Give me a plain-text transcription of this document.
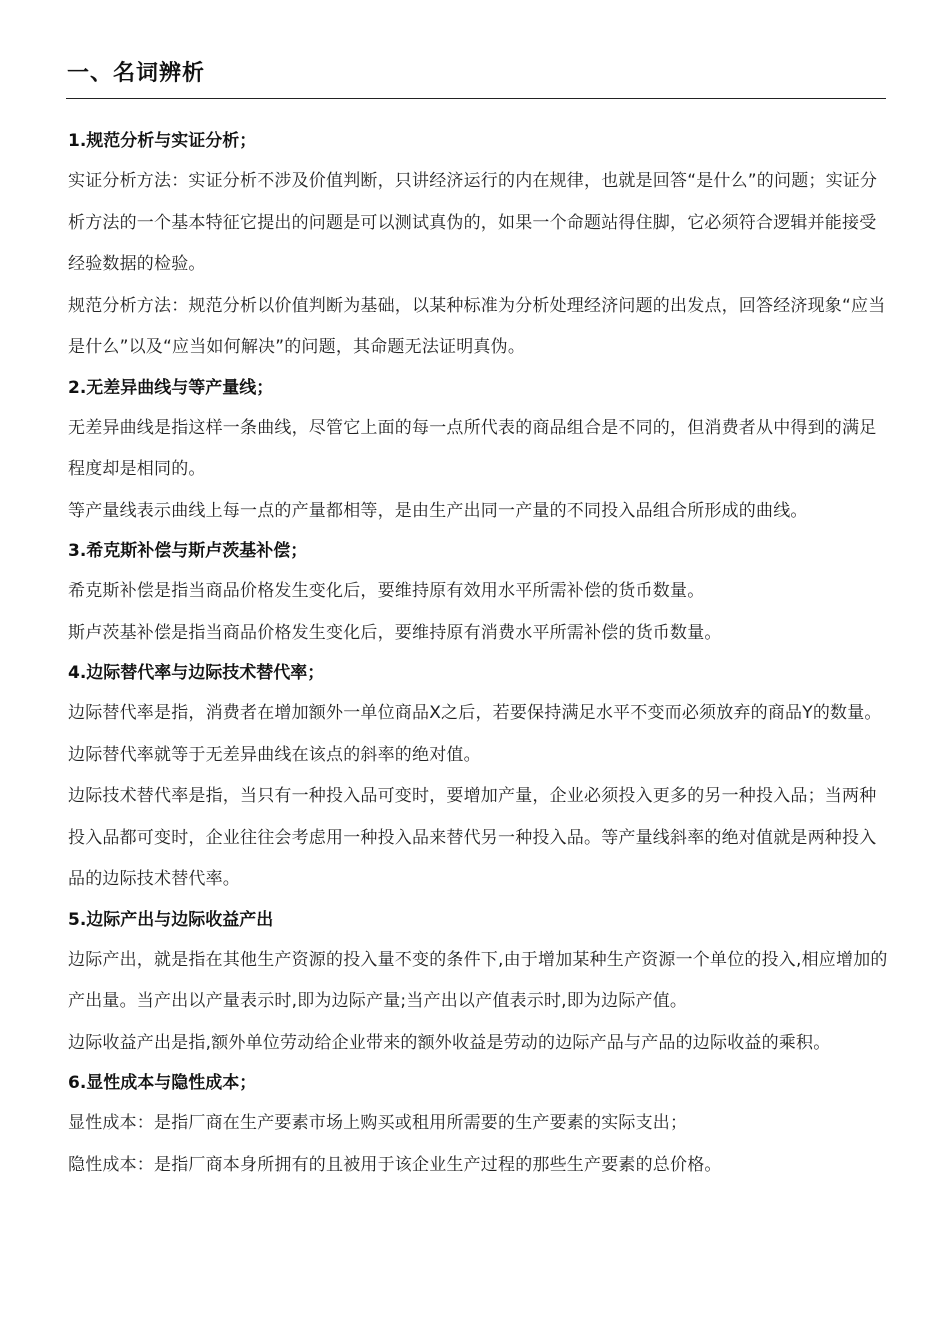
一、名词辨析
1.规范分析与实证分析；

实证分析方法：实证分析不涉及价值判断，只讲经济运行的内在规律，也就是回答“是什么”的问题；实证分析方法的一个基本特征它提出的问题是可以测试真伪的，如果一个命题站得住脚，它必须符合逻辑并能接受经验数据的检验。

规范分析方法：规范分析以价值判断为基础，以某种标准为分析处理经济问题的出发点，回答经济现象“应当是什么”以及“应当如何解决”的问题，其命题无法证明真伪。

2.无差异曲线与等产量线；

无差异曲线是指这样一条曲线，尽管它上面的每一点所代表的商品组合是不同的，但消费者从中得到的满足程度却是相同的。

等产量线表示曲线上每一点的产量都相等，是由生产出同一产量的不同投入品组合所形成的曲线。

3.希克斯补偿与斯卢茨基补偿；

希克斯补偿是指当商品价格发生变化后，要维持原有效用水平所需补偿的货币数量。

斯卢茨基补偿是指当商品价格发生变化后，要维持原有消费水平所需补偿的货币数量。

4.边际替代率与边际技术替代率；

边际替代率是指，消费者在增加额外一单位商品X之后，若要保持满足水平不变而必须放弃的商品Y的数量。边际替代率就等于无差异曲线在该点的斜率的绝对值。

边际技术替代率是指，当只有一种投入品可变时，要增加产量，企业必须投入更多的另一种投入品；当两种投入品都可变时，企业往往会考虑用一种投入品来替代另一种投入品。等产量线斜率的绝对值就是两种投入品的边际技术替代率。

5.边际产出与边际收益产出

边际产出，就是指在其他生产资源的投入量不变的条件下,由于增加某种生产资源一个单位的投入,相应增加的产出量。当产出以产量表示时,即为边际产量;当产出以产值表示时,即为边际产值。

边际收益产出是指,额外单位劳动给企业带来的额外收益是劳动的边际产品与产品的边际收益的乘积。

6.显性成本与隐性成本；

显性成本：是指厂商在生产要素市场上购买或租用所需要的生产要素的实际支出；

隐性成本：是指厂商本身所拥有的且被用于该企业生产过程的那些生产要素的总价格。
